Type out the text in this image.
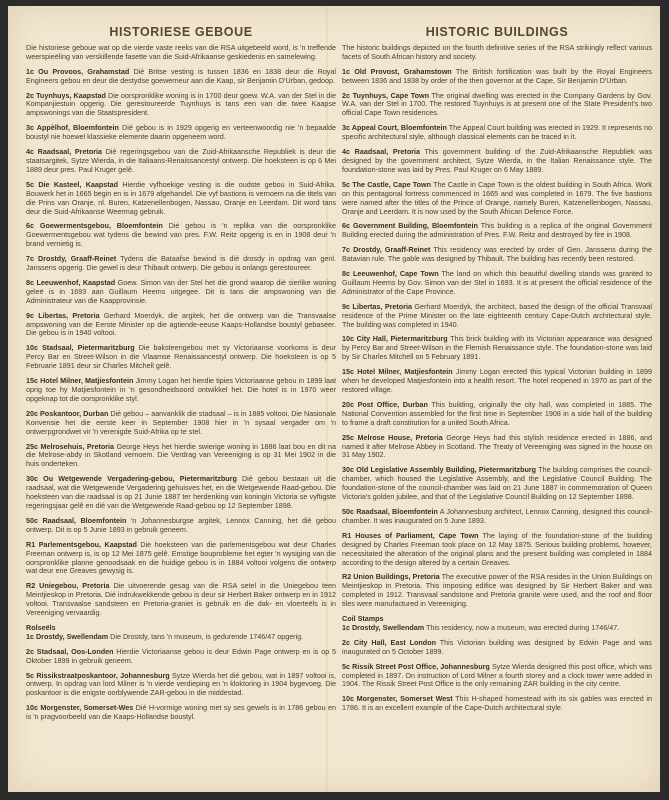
HISTORIESE GEBOUE

Die historiese geboue wat op die vierde vaste reeks van die RSA uitgebeeld word, is 'n treffende weerspieëling van verskillende fasette van die Suid-Afrikaanse geskiedenis en samelewing.

1c Ou Provoos, Grahamstad Dié Britse vesting is tussen 1836 en 1838 deur die Royal Engineers gebou en deur die destydse goewerneur aan die Kaap, sir Benjamin D'Urban, gedoop.

2c Tuynhuys, Kaapstad Die oorspronklike woning is in 1700 deur goew. W.A. van der Stel in die Kompanjiestuin opgerig. Die gerestoureerde Tuynhuys is tans een van die twee Kaapse ampswonings van die Staatspresident.

3c Appèlhof, Bloemfontein Dié gebou is in 1929 opgerig en verteenwoordig nie 'n bepaalde boustyl nie hoewel klassieke elemente daarin opgeneem word.

4c Raadsaal, Pretoria Dié regeringsgebou van die Zuid-Afrikaansche Republiek is deur die staatsargitek, Sytze Wierda, in die Italiaans-Renaissancestyl ontwerp. Die hoeksteen is op 6 Mei 1889 deur pres. Paul Kruger gelê.

5c Die Kasteel, Kaapstad Hierdie vyfhoekige vesting is die oudste gebou in Suid-Afrika. Bouwerk het in 1665 begin en is in 1679 afgehandel. Die vyf bastions is vernoem na die titels van die Prins van Oranje, nl. Buren, Katzenellenbogen, Nassau, Oranje en Leerdam. Dit word tans deur die Suid-Afrikaanse Weermag gebruik.

6c Goewermentsgebou, Bloemfontein Dié gebou is 'n replika van die oorspronklike Goewermentsgebou wat tydens die bewind van pres. F.W. Reitz opgerig is en in 1908 deur 'n brand vernietig is.

7c Drostdy, Graaff-Reinet Tydens die Bataafse bewind is dié drosdy in opdrag van genl. Janssens opgerig. Die gewel is deur Thibault ontwerp. Die gebou is onlangs gerestoureer.

8c Leeuwenhof, Kaapstad Goew. Simon van der Stel het die grond waarop dié sierlike woning geleë is in 1693 aan Guillaum Heems uitgegee. Dit is tans die ampswoning van die Administrateur van die Kaapprovinsie.

9c Libertas, Pretoria Gerhard Moerdyk, die argitek, het die ontwerp van die Transvaalse ampswoning van die Eerste Minister op die agtiende-eeuse Kaaps-Hollandse boustyl gebaseer. Die gebou is in 1940 voltooi.

10c Stadsaal, Pietermaritzburg Die baksteengebou met sy Victoriaanse voorkoms is deur Percy Bar en Street-Wilson in die Vlaamse Renaissancestyl ontwerp. Die hoeksteen is op 5 Februarie 1891 deur sir Charles Mitchell gelê.

15c Hotel Milner, Matjiesfontein Jimmy Logan het hierdie tipies Victoriaanse gebou in 1899 laat oprig toe hy Matjiesfontein in 'n gesondheidsoord ontwikkel het. Die hotel is in 1970 weer opgeknap tot die oorspronklike styl.

20c Poskantoor, Durban Dié gebou – aanvanklik die stadsaal – is in 1885 voltooi. Die Nasionale Konvensie het die eerste keer in September 1908 hier in 'n sysaal vergader om 'n ontwerpgrondwet vir 'n verenigde Suid-Afrika op te stel.

25c Melrosehuis, Pretoria George Heys het hierdie swierige woning in 1886 laat bou en dit na die Melrose-abdy in Skotland vernoem. Die Verdrag van Vereeniging is op 31 Mei 1902 in die huis onderteken.

30c Ou Wetgewende Vergadering-gebou, Pietermaritzburg Dié gebou bestaan uit die raadsaal, wat die Wetgewende Vergadering gehuisves het, en die Wetgewende Raad-gebou. Die hoeksteen van die raadsaal is op 21 Junie 1887 ter herdenking van koningin Victoria se vyftigste regeringsjaar gelê en dié van die Wetgewende Raad-gebou op 12 September 1898.

50c Raadsaal, Bloemfontein 'n Johannesburgse argitek, Lennox Canning, het dié gebou ontwerp. Dit is op 5 Junie 1893 in gebruik geneem.

R1 Parlementsgebou, Kaapstad Die hoeksteen van die parlementsgebou wat deur Charles Freeman ontwerp is, is op 12 Mei 1875 gelê. Ernstige bouprobleme het egter 'n wysiging van die oorspronklike planne genoodsaak en die huidige gebou is in 1884 voltooi volgens die ontwerp wat deur ene Greaves gewysig is.

R2 Uniegebou, Pretoria Die uitvoerende gesag van die RSA setel in die Uniegebou teen Meintjieskop in Pretoria. Dié indrukwekkende gebou is deur sir Herbert Baker ontwerp en in 1912 voltooi. Transvaalse sandsteen en Pretoria-graniet is gebruik en die dak- en vloerteëls is in Vereeniging vervaardig.

Rolseëls

1c Drostdy, Swellendam Die Drostdy, tans 'n museum, is gedurende 1746/47 opgerig.

2c Stadsaal, Oos-Londen Hierdie Victoriaanse gebou is deur Edwin Page ontwerp en is op 5 Oktober 1899 in gebruik geneem.

5c Rissikstraatposkantoor, Johannesburg Sytze Wierda het dié gebou, wat in 1897 voltooi is, ontwerp. In opdrag van lord Milner is 'n vierde verdieping en 'n kloktoring in 1904 bygevoeg. Die poskantoor is die enigste oorblywende ZAR-gebou in die middestad.

10c Morgenster, Somerset-Wes Dié H-vormige woning met sy ses gewels is in 1786 gebou en is 'n pragvoorbeeld van die Kaaps-Hollandse boustyl.

HISTORIC BUILDINGS

The historic buildings depicted on the fourth definitive series of the RSA strikingly reflect various facets of South African history and society.

1c Old Provost, Grahamstown The British fortification was built by the Royal Engineers between 1836 and 1838 by order of the then governor at the Cape, Sir Benjamin D'Urban.

2c Tuynhuys, Cape Town The original dwelling was erected in the Company Gardens by Gov. W.A. van der Stel in 1700. The restored Tuynhuys is at present one of the State President's two official Cape Town residences.

3c Appeal Court, Bloemfontein The Appeal Court building was erected in 1929. It represents no specific architectural style, although classical elements can be traced in it.

4c Raadsaal, Pretoria This government building of the Zuid-Afrikaansche Republiek was designed by the government architect, Sytze Wierda, in the Italian Renaissance style. The foundation-stone was laid by Pres. Paul Kruger on 6 May 1889.

5c The Castle, Cape Town The Castle in Cape Town is the oldest building in South Africa. Work on this pentagonal fortress commenced in 1665 and was completed in 1679. The five bastions were named after the titles of the Prince of Orange, namely Buren, Katzenellenbogen, Nassau, Oranje and Leerdam. It is now used by the South African Defence Force.

6c Government Building, Bloemfontein This building is a replica of the original Government Building erected during the administration of Pres. F.W. Reitz and destroyed by fire in 1908.

7c Drostdy, Graaff-Reinet This residency was erected by order of Gen. Janssens during the Batavian rule. The gable was designed by Thibault. The building has recently been restored.

8c Leeuwenhof, Cape Town The land on which this beautiful dwelling stands was granted to Guillaum Heems by Gov. Simon van der Stel in 1693. It is at present the official residence of the Administrator of the Cape Province.

9c Libertas, Pretoria Gerhard Moerdyk, the architect, based the design of the official Transvaal residence of the Prime Minister on the late eighteenth century Cape-Dutch architectural style. The building was completed in 1940.

10c City Hall, Pietermaritzburg This brick building with its Victorian appearance was designed by Percy Bar and Street-Wilson in the Flemish Renaissance style. The foundation-stone was laid by Sir Charles Mitchell on 5 February 1891.

15c Hotel Milner, Matjiesfontein Jimmy Logan erected this typical Victorian building in 1899 when he developed Matjiesfontein into a health resort. The hotel reopened in 1970 as part of the restored village.

20c Post Office, Durban This building, originally the city hall, was completed in 1885. The National Convention assembled for the first time in September 1908 in a side hall of the building to frame a draft constitution for a united South Africa.

25c Melrose House, Pretoria George Heys had this stylish residence erected in 1886, and named it after Melrose Abbey in Scotland. The Treaty of Vereeniging was signed in the house on 31 May 1902.

30c Old Legislative Assembly Building, Pietermaritzburg The building comprises the council-chamber, which housed the Legislative Assembly, and the Legislative Council Building. The foundation-stone of the council-chamber was laid on 21 June 1887 in commemoration of Queen Victoria's golden jubilee, and that of the Legislative Council Building on 12 September 1898.

50c Raadsaal, Bloemfontein A Johannesburg architect, Lennox Canning, designed this council-chamber. It was inaugurated on 5 June 1893.

R1 Houses of Parliament, Cape Town The laying of the foundation-stone of the building designed by Charles Freeman took place on 12 May 1875. Serious building problems, however, necessitated the alteration of the original plans and the present building was completed in 1884 according to the design altered by a certain Greaves.

R2 Union Buildings, Pretoria The executive power of the RSA resides in the Union Buildings on Meintjieskop in Pretoria. This imposing edifice was designed by Sir Herbert Baker and was completed in 1912. Transvaal sandstone and Pretoria granite were used, and the roof and floor tiles were manufactured in Vereeniging.

Coil Stamps

1c Drostdy, Swellendam This residency, now a museum, was erected during 1746/47.

2c City Hall, East London This Victorian building was designed by Edwin Page and was inaugurated on 5 October 1899.

5c Rissik Street Post Office, Johannesburg Sytze Wierda designed this post office, which was completed in 1897. On instruction of Lord Milner a fourth storey and a clock tower were added in 1904. The Rissik Street Post Office is the only remaining ZAR building in the city centre.

10c Morgenster, Somerset West This H-shaped homestead with its six gables was erected in 1786. It is an excellent example of the Cape-Dutch architectural style.
